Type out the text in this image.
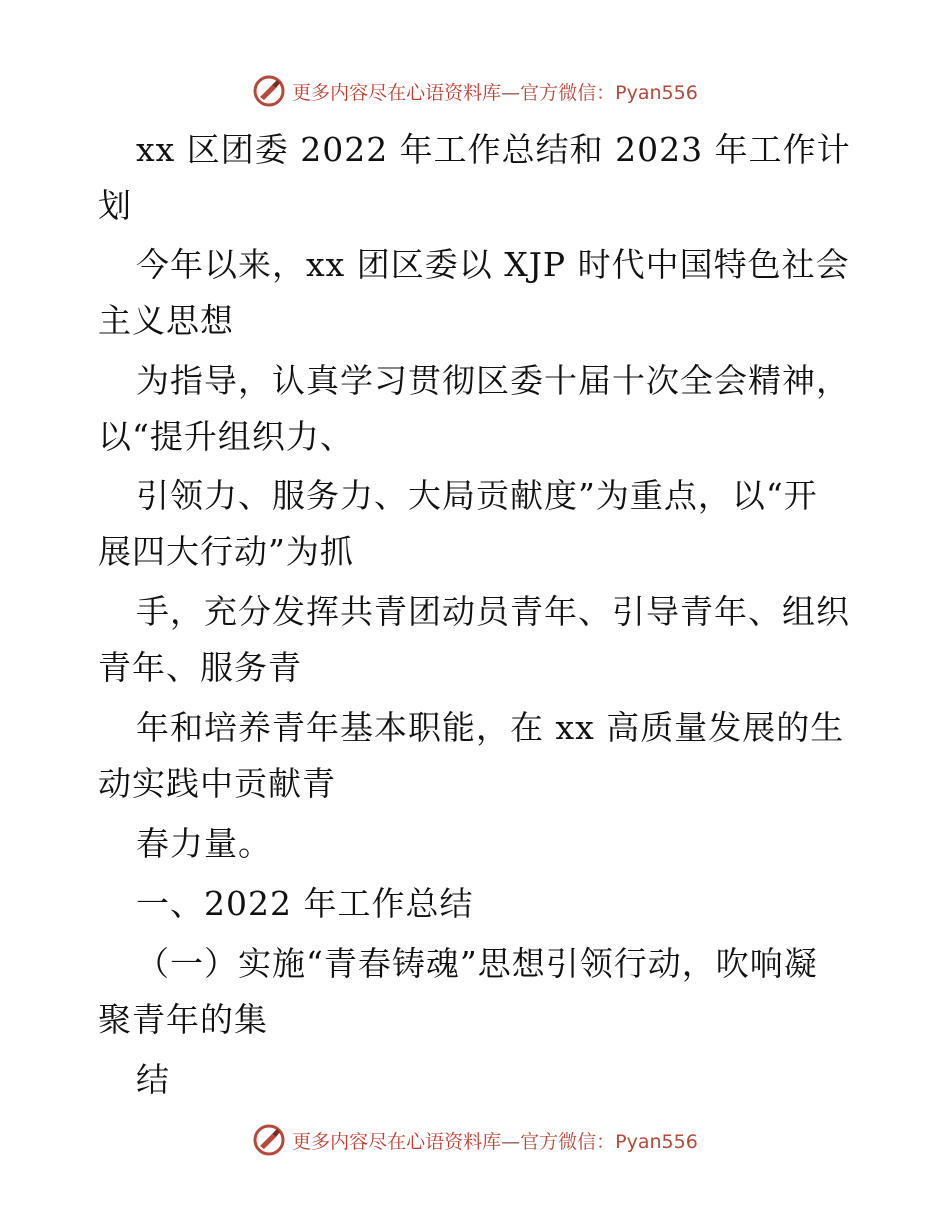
更多内容尽在心语资料库—官方微信：Pyan556
xx 区团委 2022 年工作总结和 2023 年工作计
划
今年以来，xx 团区委以 XJP 时代中国特色社会
主义思想
为指导，认真学习贯彻区委十届十次全会精神，
以“提升组织力、
引领力、服务力、大局贡献度”为重点，以“开
展四大行动”为抓
手，充分发挥共青团动员青年、引导青年、组织
青年、服务青
年和培养青年基本职能，在 xx 高质量发展的生
动实践中贡献青
春力量。
一、2022 年工作总结
（一）实施“青春铸魂”思想引领行动，吹响凝
聚青年的集
结
更多内容尽在心语资料库—官方微信：Pyan556
